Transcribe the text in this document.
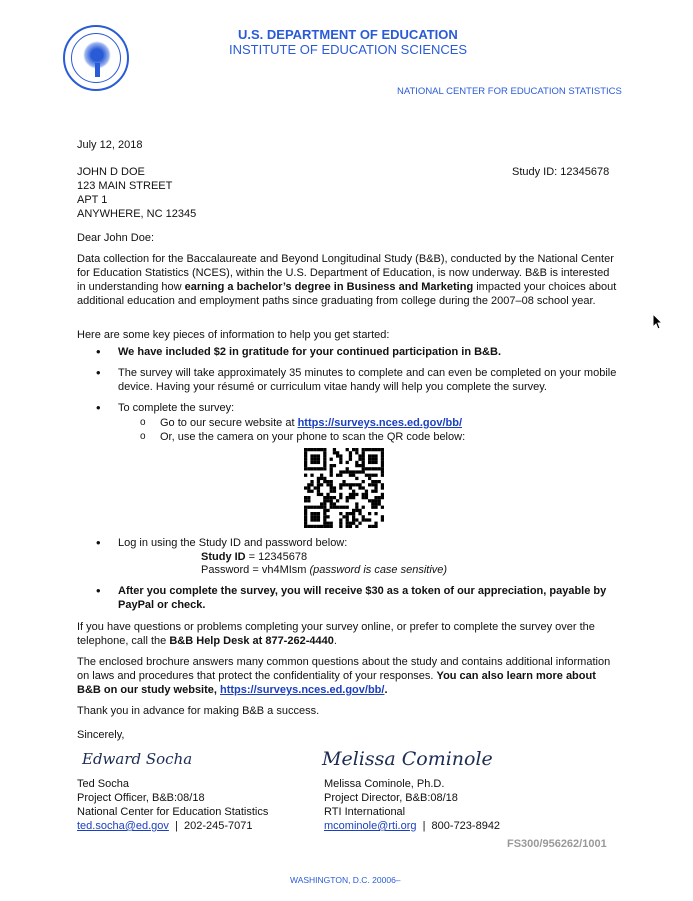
U.S. DEPARTMENT OF EDUCATION
INSTITUTE OF EDUCATION SCIENCES
NATIONAL CENTER FOR EDUCATION STATISTICS
July 12, 2018
JOHN D DOE
123 MAIN STREET
APT 1
ANYWHERE, NC 12345
Study ID: 12345678
Dear John Doe:
Data collection for the Baccalaureate and Beyond Longitudinal Study (B&B), conducted by the National Center for Education Statistics (NCES), within the U.S. Department of Education, is now underway. B&B is interested in understanding how earning a bachelor’s degree in Business and Marketing impacted your choices about additional education and employment paths since graduating from college during the 2007–08 school year.
Here are some key pieces of information to help you get started:
We have included $2 in gratitude for your continued participation in B&B.
The survey will take approximately 35 minutes to complete and can even be completed on your mobile device. Having your résumé or curriculum vitae handy will help you complete the survey.
To complete the survey:
Go to our secure website at https://surveys.nces.ed.gov/bb/
Or, use the camera on your phone to scan the QR code below:
Log in using the Study ID and password below:
Study ID = 12345678
Password = vh4MIsm (password is case sensitive)
After you complete the survey, you will receive $30 as a token of our appreciation, payable by PayPal or check.
If you have questions or problems completing your survey online, or prefer to complete the survey over the telephone, call the B&B Help Desk at 877-262-4440.
The enclosed brochure answers many common questions about the study and contains additional information on laws and procedures that protect the confidentiality of your responses. You can also learn more about B&B on our study website, https://surveys.nces.ed.gov/bb/.
Thank you in advance for making B&B a success.
Sincerely,
Edward Socha
Ted Socha
Project Officer, B&B:08/18
National Center for Education Statistics
ted.socha@ed.gov  |  202-245-7071
Melissa Cominole
Melissa Cominole, Ph.D.
Project Director, B&B:08/18
RTI International
mcominole@rti.org  |  800-723-8942
FS300/956262/1001
WASHINGTON, D.C. 20006–
